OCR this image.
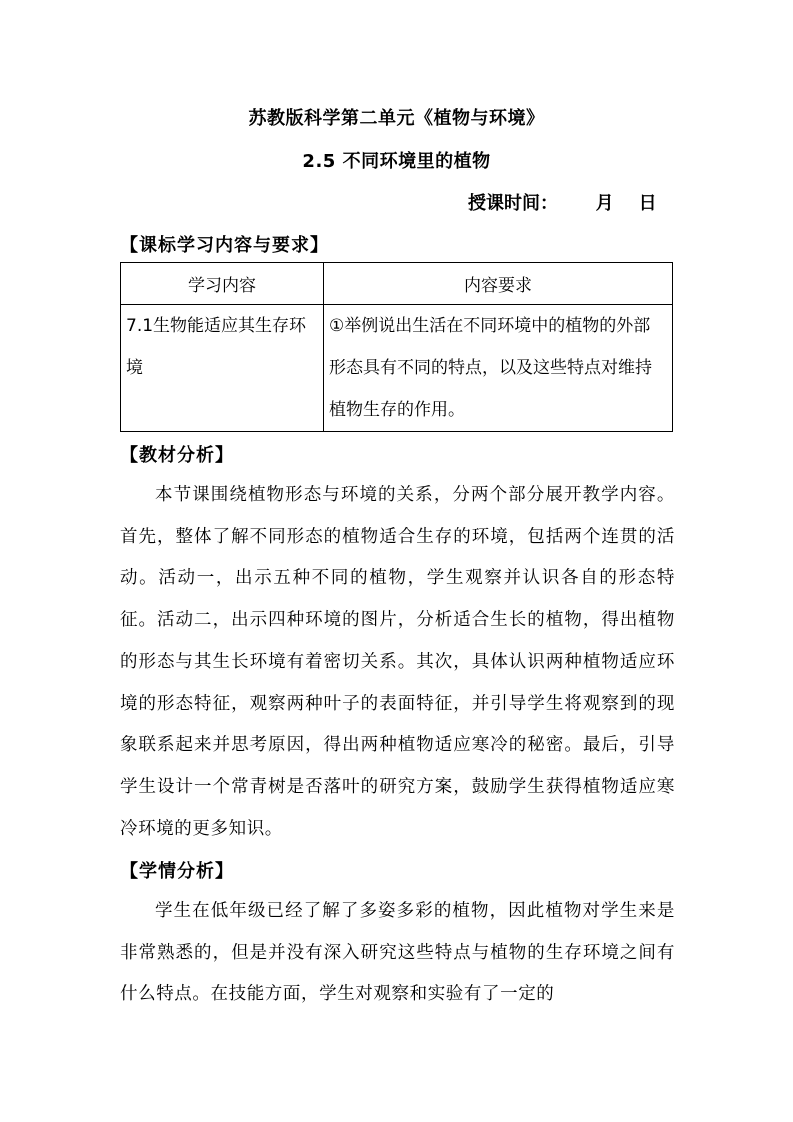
苏教版科学第二单元《植物与环境》
2.5 不同环境里的植物
授课时间：      月    日
【课标学习内容与要求】
学习内容	内容要求
7.1生物能适应其生存环境	①举例说出生活在不同环境中的植物的外部形态具有不同的特点，以及这些特点对维持植物生存的作用。
【教材分析】
本节课围绕植物形态与环境的关系，分两个部分展开教学内容。首先，整体了解不同形态的植物适合生存的环境，包括两个连贯的活动。活动一，出示五种不同的植物，学生观察并认识各自的形态特征。活动二，出示四种环境的图片，分析适合生长的植物，得出植物的形态与其生长环境有着密切关系。其次，具体认识两种植物适应环境的形态特征，观察两种叶子的表面特征，并引导学生将观察到的现象联系起来并思考原因，得出两种植物适应寒冷的秘密。最后，引导学生设计一个常青树是否落叶的研究方案，鼓励学生获得植物适应寒冷环境的更多知识。
【学情分析】
学生在低年级已经了解了多姿多彩的植物，因此植物对学生来是非常熟悉的，但是并没有深入研究这些特点与植物的生存环境之间有什么特点。在技能方面，学生对观察和实验有了一定的
